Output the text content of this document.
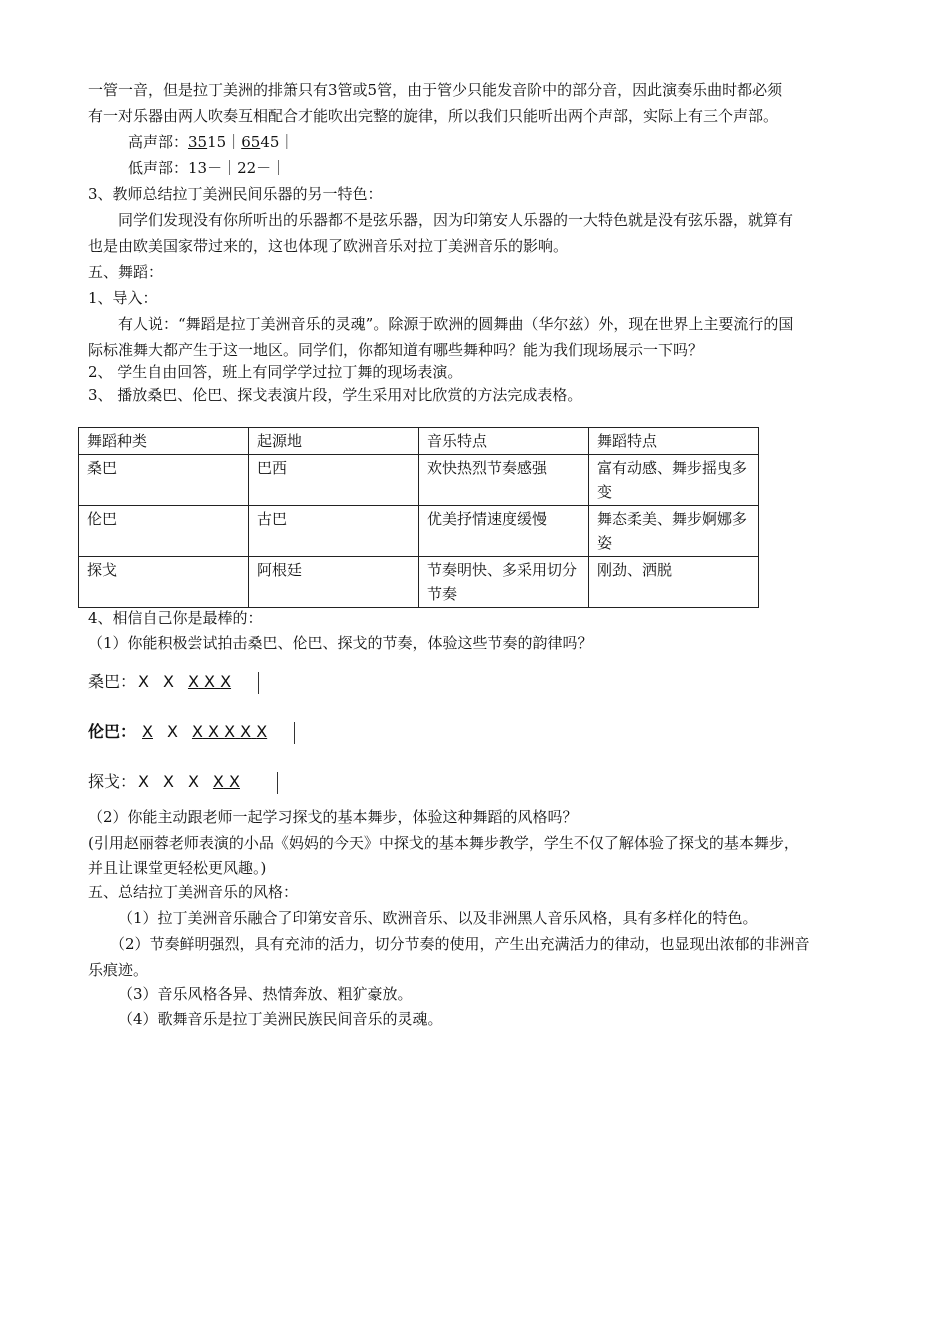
一管一音，但是拉丁美洲的排箫只有3管或5管，由于管少只能发音阶中的部分音，因此演奏乐曲时都必须
有一对乐器由两人吹奏互相配合才能吹出完整的旋律，所以我们只能听出两个声部，实际上有三个声部。
高声部：3515｜6545｜
低声部：13－｜22－｜
3、教师总结拉丁美洲民间乐器的另一特色：
同学们发现没有你所听出的乐器都不是弦乐器，因为印第安人乐器的一大特色就是没有弦乐器，就算有
也是由欧美国家带过来的，这也体现了欧洲音乐对拉丁美洲音乐的影响。
五、舞蹈：
1、导入：
有人说：“舞蹈是拉丁美洲音乐的灵魂”。除源于欧洲的圆舞曲（华尔兹）外，现在世界上主要流行的国
际标准舞大都产生于这一地区。同学们，你都知道有哪些舞种吗？能为我们现场展示一下吗？
2、 学生自由回答，班上有同学学过拉丁舞的现场表演。
3、 播放桑巴、伦巴、探戈表演片段，学生采用对比欣赏的方法完成表格。
舞蹈种类	起源地	音乐特点	舞蹈特点
桑巴	巴西	欢快热烈节奏感强	富有动感、舞步摇曳多变
伦巴	古巴	优美抒情速度缓慢	舞态柔美、舞步婀娜多姿
探戈	阿根廷	节奏明快、多采用切分节奏	刚劲、洒脱
4、相信自己你是最棒的：
（1）你能积极尝试拍击桑巴、伦巴、探戈的节奏，体验这些节奏的韵律吗？
桑巴： X X X X X
伦巴： X X X X X X X
探戈： X X X X X
（2）你能主动跟老师一起学习探戈的基本舞步，体验这种舞蹈的风格吗？
(引用赵丽蓉老师表演的小品《妈妈的今天》中探戈的基本舞步教学，学生不仅了解体验了探戈的基本舞步，
并且让课堂更轻松更风趣。)
五、总结拉丁美洲音乐的风格：
（1）拉丁美洲音乐融合了印第安音乐、欧洲音乐、以及非洲黑人音乐风格，具有多样化的特色。
（2）节奏鲜明强烈，具有充沛的活力，切分节奏的使用，产生出充满活力的律动，也显现出浓郁的非洲音
乐痕迹。
（3）音乐风格各异、热情奔放、粗犷豪放。
（4）歌舞音乐是拉丁美洲民族民间音乐的灵魂。
